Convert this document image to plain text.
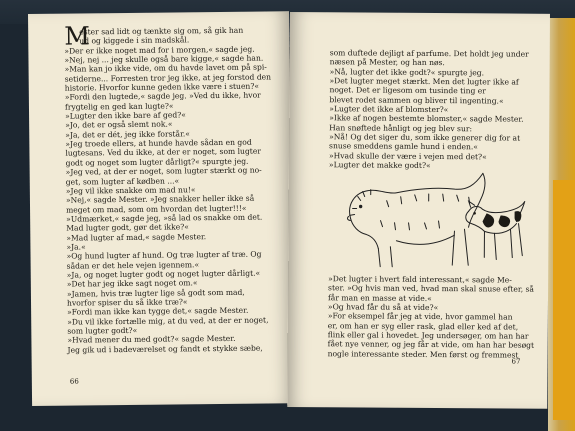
M
ester sad lidt og tænkte sig om, så gik han
ud og kiggede i sin madskål.
»Der er ikke noget mad for i morgen,« sagde jeg.
»Nej, nej ... jeg skulle også bare kigge,« sagde han.
»Man kan jo ikke vide, om du havde lavet om på spi-
setiderne... Forresten tror jeg ikke, at jeg forstod den
historie. Hvorfor kunne geden ikke være i stuen?«
»Fordi den lugtede,« sagde jeg. »Ved du ikke, hvor
frygtelig en ged kan lugte?«
»Lugter den ikke bare af ged?«
»Jo, det er også slemt nok.«
»Ja, det er dét, jeg ikke forstår.«
»Jeg troede ellers, at hunde havde sådan en god
lugtesans. Ved du ikke, at der er noget, som lugter
godt og noget som lugter dårligt?« spurgte jeg.
»Jeg ved, at der er noget, som lugter stærkt og no-
get, som lugter af kødben ...«
»Jeg vil ikke snakke om mad nu!«
»Nej,« sagde Mester. »Jeg snakker heller ikke så
meget om mad, som om hvordan det lugter!!!«
»Udmærket,« sagde jeg, »så lad os snakke om det.
Mad lugter godt, gør det ikke?«
»Mad lugter af mad,« sagde Mester.
»Ja.«
»Og hund lugter af hund. Og træ lugter af træ. Og
sådan er det hele vejen igennem.«
»Ja, og noget lugter godt og noget lugter dårligt.«
»Det har jeg ikke sagt noget om.«
»Jamen, hvis træ lugter lige så godt som mad,
hvorfor spiser du så ikke træ?«
»Fordi man ikke kan tygge det,« sagde Mester.
»Du vil ikke fortælle mig, at du ved, at der er noget,
som lugter godt?«
»Hvad mener du med godt?« sagde Mester.
Jeg gik ud i badeværelset og fandt et stykke sæbe,
66
som duftede dejligt af parfume. Det holdt jeg under
næsen på Mester, og han nøs.
»Nå, lugter det ikke godt?« spurgte jeg.
»Det lugter meget stærkt. Men det lugter ikke af
noget. Det er ligesom om tusinde ting er
blevet rodet sammen og bliver til ingenting.«
»Lugter det ikke af blomster?«
»Ikke af nogen bestemte blomster,« sagde Mester.
Han snøftede hånligt og jeg blev sur:
»Nå! Og det siger du, som ikke generer dig for at
snuse smeddens gamle hund i enden.«
»Hvad skulle der være i vejen med det?«
»Lugter det makke godt?«
»Det lugter i hvert fald interessant,« sagde Me-
ster. »Og hvis man ved, hvad man skal snuse efter, så
får man en masse at vide.«
»Og hvad får du så at vide?«
»For eksempel får jeg at vide, hvor gammel han
er, om han er syg eller rask, glad eller ked af det,
flink eller gal i hovedet. Jeg undersøger, om han har
fået nye venner, og jeg får at vide, om han har besøgt
nogle interessante steder. Men først og fremmest
67
